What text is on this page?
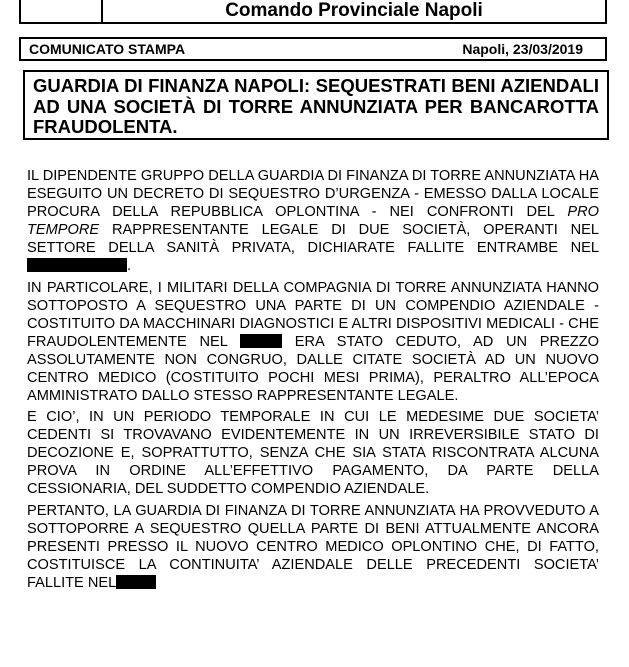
Comando Provinciale Napoli
COMUNICATO STAMPA	Napoli, 23/03/2019
GUARDIA DI FINANZA NAPOLI: SEQUESTRATI BENI AZIENDALI AD UNA SOCIETÀ DI TORRE ANNUNZIATA PER BANCAROTTA FRAUDOLENTA.

IL DIPENDENTE GRUPPO DELLA GUARDIA DI FINANZA DI TORRE ANNUNZIATA HA ESEGUITO UN DECRETO DI SEQUESTRO D’URGENZA - EMESSO DALLA LOCALE PROCURA DELLA REPUBBLICA OPLONTINA - NEI CONFRONTI DEL PRO TEMPORE RAPPRESENTANTE LEGALE DI DUE SOCIETÀ, OPERANTI NEL SETTORE DELLA SANITÀ PRIVATA, DICHIARATE FALLITE ENTRAMBE NEL .

IN PARTICOLARE, I MILITARI DELLA COMPAGNIA DI TORRE ANNUNZIATA HANNO SOTTOPOSTO A SEQUESTRO UNA PARTE DI UN COMPENDIO AZIENDALE - COSTITUITO DA MACCHINARI DIAGNOSTICI E ALTRI DISPOSITIVI MEDICALI - CHE FRAUDOLENTEMENTE NEL	ERA STATO CEDUTO, AD UN PREZZO ASSOLUTAMENTE NON CONGRUO, DALLE CITATE SOCIETÀ AD UN NUOVO CENTRO MEDICO (COSTITUITO POCHI MESI PRIMA), PERALTRO ALL’EPOCA AMMINISTRATO DALLO STESSO RAPPRESENTANTE LEGALE.

E CIO’, IN UN PERIODO TEMPORALE IN CUI LE MEDESIME DUE SOCIETA’ CEDENTI SI TROVAVANO EVIDENTEMENTE IN UN IRREVERSIBILE STATO DI DECOZIONE E, SOPRATTUTTO, SENZA CHE SIA STATA RISCONTRATA ALCUNA PROVA IN ORDINE ALL’EFFETTIVO PAGAMENTO, DA PARTE DELLA CESSIONARIA, DEL SUDDETTO COMPENDIO AZIENDALE.

PERTANTO, LA GUARDIA DI FINANZA DI TORRE ANNUNZIATA HA PROVVEDUTO A SOTTOPORRE A SEQUESTRO QUELLA PARTE DI BENI ATTUALMENTE ANCORA PRESENTI PRESSO IL NUOVO CENTRO MEDICO OPLONTINO CHE, DI FATTO, COSTITUISCE LA CONTINUITA’ AZIENDALE DELLE PRECEDENTI SOCIETA’ FALLITE NEL
